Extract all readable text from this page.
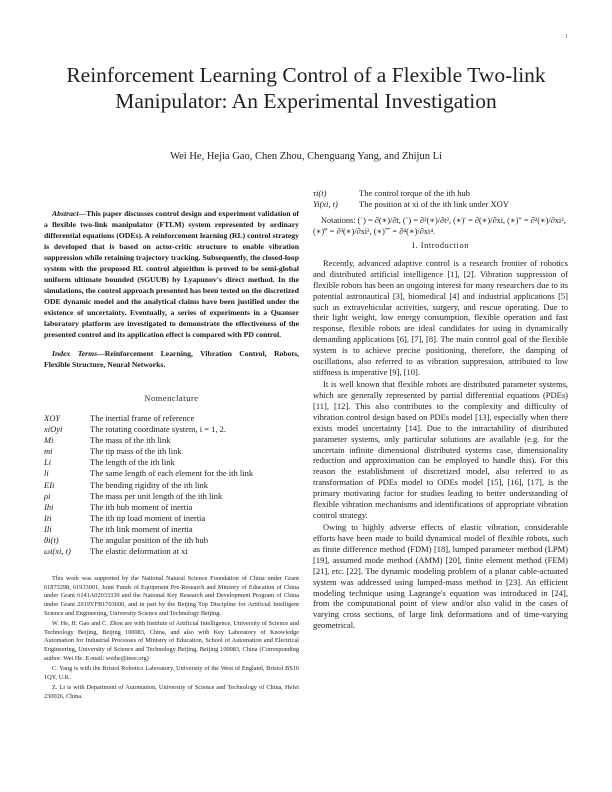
1
Reinforcement Learning Control of a Flexible Two-link Manipulator: An Experimental Investigation
Wei He, Hejia Gao, Chen Zhou, Chenguang Yang, and Zhijun Li

Abstract—This paper discusses control design and experiment validation of a flexible two-link manipulator (FTLM) system represented by ordinary differential equations (ODEs). A reinforcement learning (RL) control strategy is developed that is based on actor-critic structure to enable vibration suppression while retaining trajectory tracking. Subsequently, the closed-loop system with the proposed RL control algorithm is proved to be semi-global uniform ultimate bounded (SGUUB) by Lyapunov's direct method. In the simulations, the control approach presented has been tested on the discretized ODE dynamic model and the analytical claims have been justified under the existence of uncertainty. Eventually, a series of experiments in a Quanser laboratory platform are investigated to demonstrate the effectiveness of the presented control and its application effect is compared with PD control.

Index Terms—Reinforcement Learning, Vibration Control, Robots, Flexible Structure, Neural Networks.

Nomenclature
XOY	The inertial frame of reference
xiOyi	The rotating coordinate system, i = 1, 2.
Mi	The mass of the ith link
mi	The tip mass of the ith link
Li	The length of the ith link
li	The same length of each element for the ith link
EIi	The bending rigidity of the ith link
ρi	The mass per unit length of the ith link
Ihi	The ith hub moment of inertia
Iti	The ith tip load moment of inertia
Ili	The ith link moment of inertia
θi(t)	The angular position of the ith hub
ωi(xi, t)	The elastic deformation at xi

This work was supported by the National Natural Science Foundation of China under Grant 61873298, 61933001, Joint Funds of Equipment Pre-Research and Ministry of Education of China under Grant 6141A02033339 and the National Key Research and Development Program of China under Grant 2019YFB1703600, and in part by the Beijing Top Discipline for Artificial Intelligent Science and Engineering, University Science and Technology Beijing.

W. He, H. Gao and C. Zhou are with Institute of Artificial Intelligence, University of Science and Technology Beijing, Beijing 100083, China, and also with Key Laboratory of Knowledge Automation for Industrial Processes of Ministry of Education, School of Automation and Electrical Engineering, University of Science and Technology Beijing, Beijing 100083, China (Corresponding author: Wei He. E-mail: weihe@ieee.org)

C. Yang is with the Bristol Robotics Laboratory, University of the West of England, Bristol BS16 1QY, U.K.

Z. Li is with Department of Automation, University of Science and Technology of China, Hefei 230026, China.

τi(t)	The control torque of the ith hub
Yi(xi, t)	The position at xi of the ith link under XOY

Notations: (˙) = ∂(∗)/∂t, (¨) = ∂²(∗)/∂t², (∗)′ = ∂(∗)/∂xi, (∗)″ = ∂²(∗)/∂xi², (∗)‴ = ∂³(∗)/∂xi³, (∗)⁗ = ∂⁴(∗)/∂xi⁴.

I. Introduction

Recently, advanced adaptive control is a research frontier of robotics and distributed artificial intelligence [1], [2]. Vibration suppression of flexible robots has been an ongoing interest for many researchers due to its potential astronautical [3], biomedical [4] and industrial applications [5] such as extravehicular activities, surgery, and rescue operating. Due to their light weight, low energy consumption, flexible operation and fast response, flexible robots are ideal candidates for using in dynamically demanding applications [6], [7], [8]. The main control goal of the flexible system is to achieve precise positioning, therefore, the damping of oscillations, also referred to as vibration suppression, attributed to low stiffness is imperative [9], [10].

It is well known that flexible robots are distributed parameter systems, which are generally represented by partial differential equations (PDEs) [11], [12]. This also contributes to the complexity and difficulty of vibration control design based on PDEs model [13], especially when there exists model uncertainty [14]. Due to the intractability of distributed parameter systems, only particular solutions are available (e.g. for the uncertain infinite dimensional distributed systems case, dimensionality reduction and approximation can be employed to handle this). For this reason the establishment of discretized model, also referred to as transformation of PDEs model to ODEs model [15], [16], [17], is the primary motivating factor for studies leading to better understanding of flexible vibration mechanisms and identifications of appropriate vibration control strategy.

Owing to highly adverse effects of elastic vibration, considerable efforts have been made to build dynamical model of flexible robots, such as finite difference method (FDM) [18], lumped parameter method (LPM) [19], assumed mode method (AMM) [20], finite element method (FEM) [21], etc. [22]. The dynamic modeling problem of a planar cable-actuated system was addressed using lumped-mass method in [23]. An efficient modeling technique using Lagrange's equation was introduced in [24], from the computational point of view and/or also valid in the cases of varying cross sections, of large link deformations and of time-varying geometrical.
